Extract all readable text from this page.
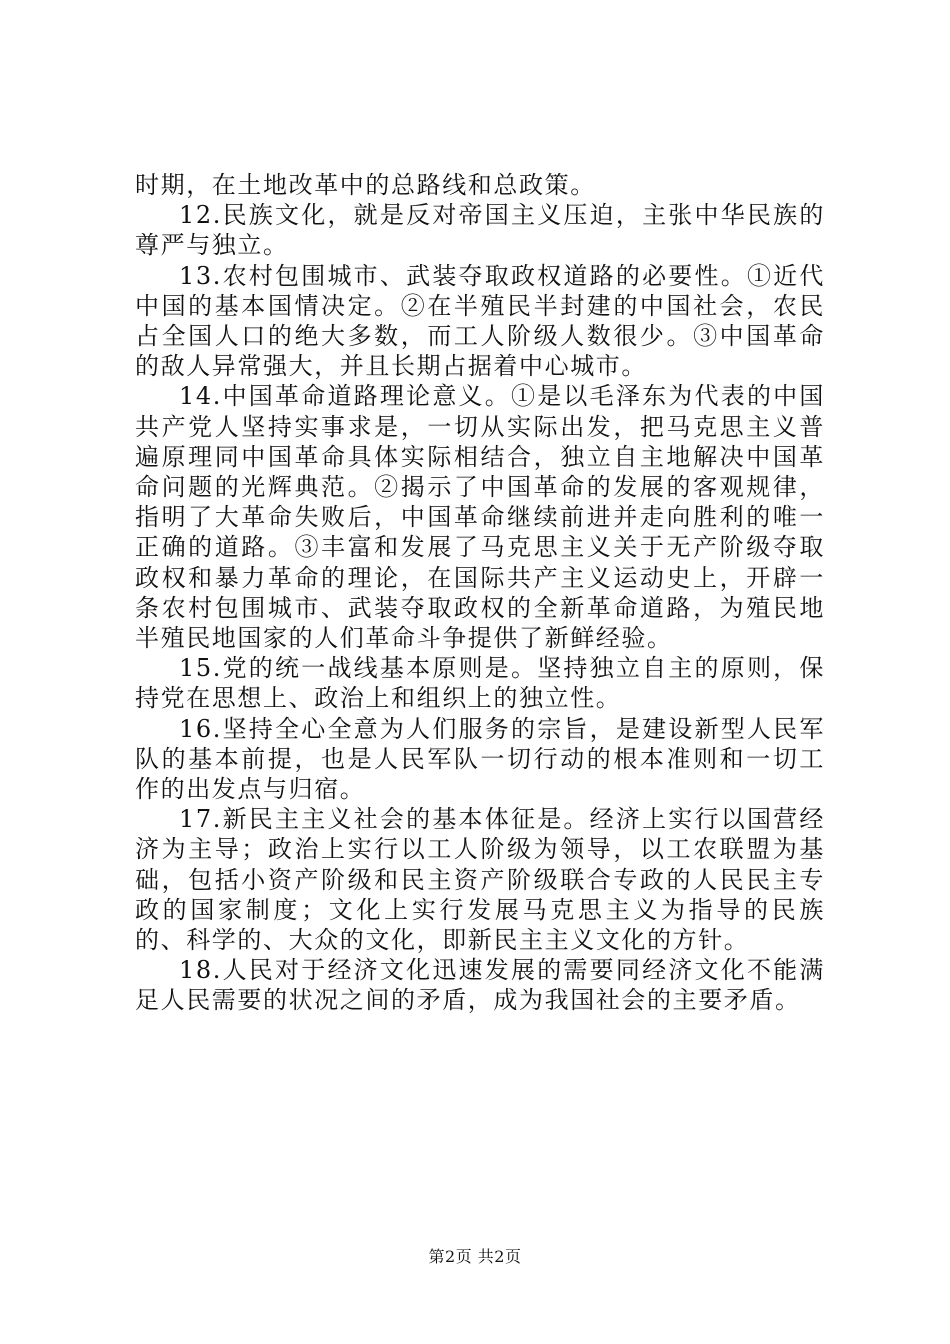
时期，在土地改革中的总路线和总政策。

12.民族文化，就是反对帝国主义压迫，主张中华民族的尊严与独立。

13.农村包围城市、武装夺取政权道路的必要性。①近代中国的基本国情决定。②在半殖民半封建的中国社会，农民占全国人口的绝大多数，而工人阶级人数很少。③中国革命的敌人异常强大，并且长期占据着中心城市。

14.中国革命道路理论意义。①是以毛泽东为代表的中国共产党人坚持实事求是，一切从实际出发，把马克思主义普遍原理同中国革命具体实际相结合，独立自主地解决中国革命问题的光辉典范。②揭示了中国革命的发展的客观规律，指明了大革命失败后，中国革命继续前进并走向胜利的唯一正确的道路。③丰富和发展了马克思主义关于无产阶级夺取政权和暴力革命的理论，在国际共产主义运动史上，开辟一条农村包围城市、武装夺取政权的全新革命道路，为殖民地半殖民地国家的人们革命斗争提供了新鲜经验。

15.党的统一战线基本原则是。坚持独立自主的原则，保持党在思想上、政治上和组织上的独立性。

16.坚持全心全意为人们服务的宗旨，是建设新型人民军队的基本前提，也是人民军队一切行动的根本准则和一切工作的出发点与归宿。

17.新民主主义社会的基本体征是。经济上实行以国营经济为主导；政治上实行以工人阶级为领导，以工农联盟为基础，包括小资产阶级和民主资产阶级联合专政的人民民主专政的国家制度；文化上实行发展马克思主义为指导的民族的、科学的、大众的文化，即新民主主义文化的方针。

18.人民对于经济文化迅速发展的需要同经济文化不能满足人民需要的状况之间的矛盾，成为我国社会的主要矛盾。

第2页 共2页
